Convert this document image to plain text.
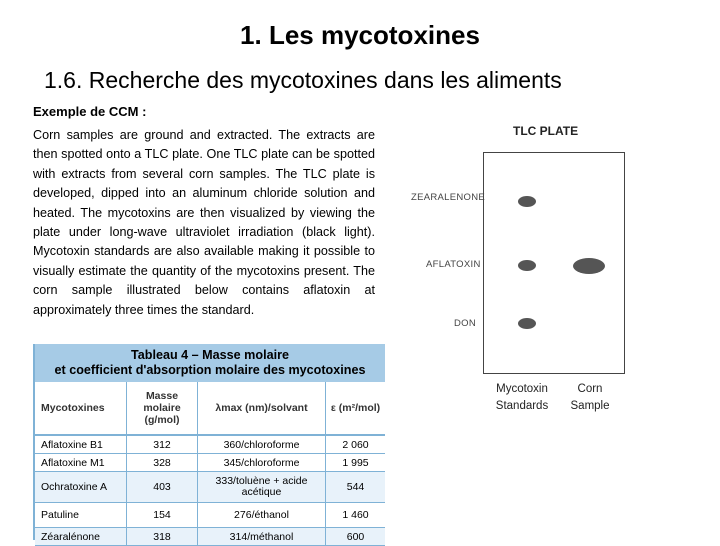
1. Les mycotoxines
1.6. Recherche des mycotoxines dans les aliments
Exemple de CCM :
Corn samples are ground and extracted. The extracts are then spotted onto a TLC plate. One TLC plate can be spotted with extracts from several corn samples. The TLC plate is developed, dipped into an aluminum chloride solution and heated. The mycotoxins are then visualized by viewing the plate under long-wave ultraviolet irradiation (black light). Mycotoxin standards are also available making it possible to visually estimate the quantity of the mycotoxins present. The corn sample illustrated below contains aflatoxin at approximately three times the standard.
Tableau 4 – Masse molaire
et coefficient d'absorption molaire des mycotoxines
Mycotoxines	Masse molaire (g/mol)	λmax (nm)/solvant	ε (m²/mol)
Aflatoxine B1	312	360/chloroforme	2 060
Aflatoxine M1	328	345/chloroforme	1 995
Ochratoxine A	403	333/toluène + acide acétique	544
Patuline	154	276/éthanol	1 460
Zéaralénone	318	314/méthanol	600
TLC PLATE
ZEARALENONE
AFLATOXIN
DON
Mycotoxin
Standards
Corn
Sample
